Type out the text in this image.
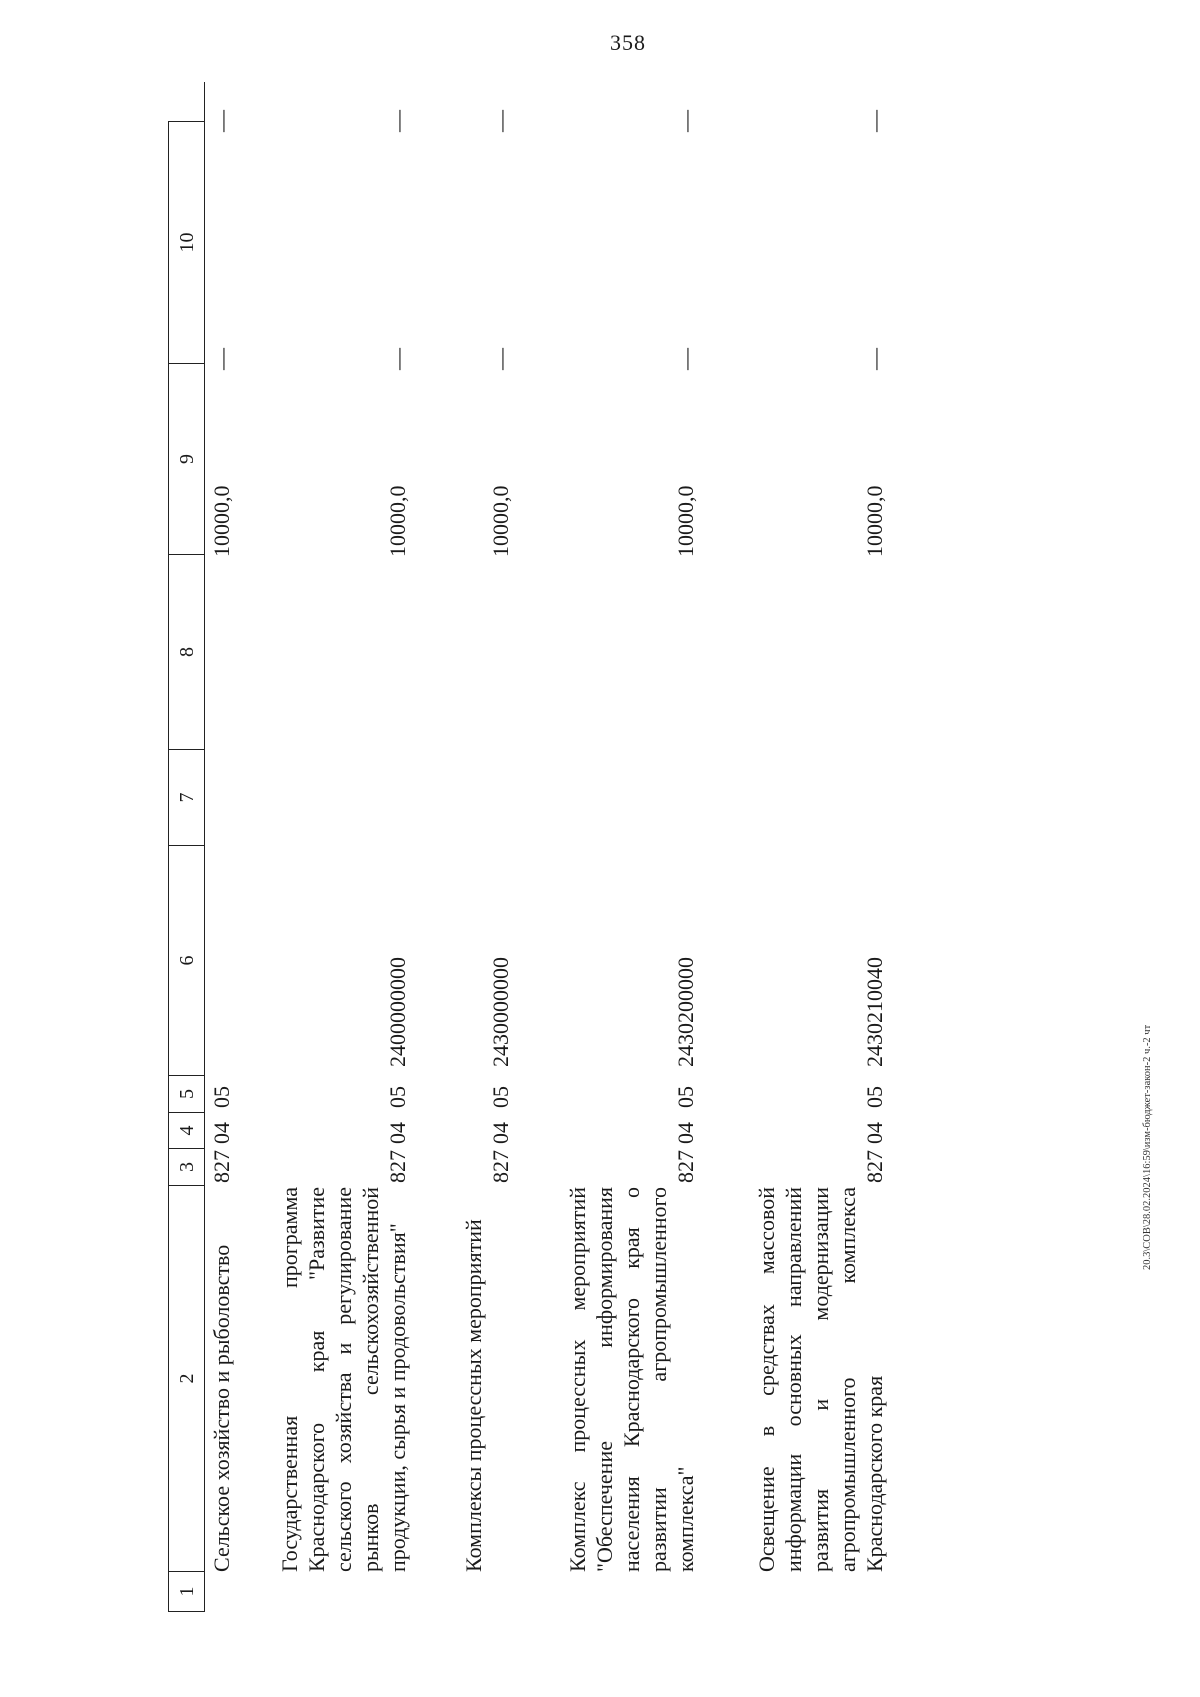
358
20.3\СОВ\28.02.2024\16:59\изм-бюджет-закон-2 ч.-2 чт
1
2
3
4
5
6
7
8
9
10
Сельское хозяйство и рыболовство
827
04
05
10000,0
—
—
Государственная программа Краснодарского края "Развитие сельского хозяйства и регулирование рынков сельскохозяйственной продукции, сырья и продовольствия"
827
04
05
2400000000
10000,0
—
—
Комплексы процессных мероприятий
827
04
05
2430000000
10000,0
—
—
Комплекс процессных мероприятий "Обеспечение информирования населения Краснодарского края о развитии агропромышленного комплекса"
827
04
05
2430200000
10000,0
—
—
Освещение в средствах массовой информации основных направлений развития и модернизации агропромышленного комплекса Краснодарского края
827
04
05
2430210040
10000,0
—
—
